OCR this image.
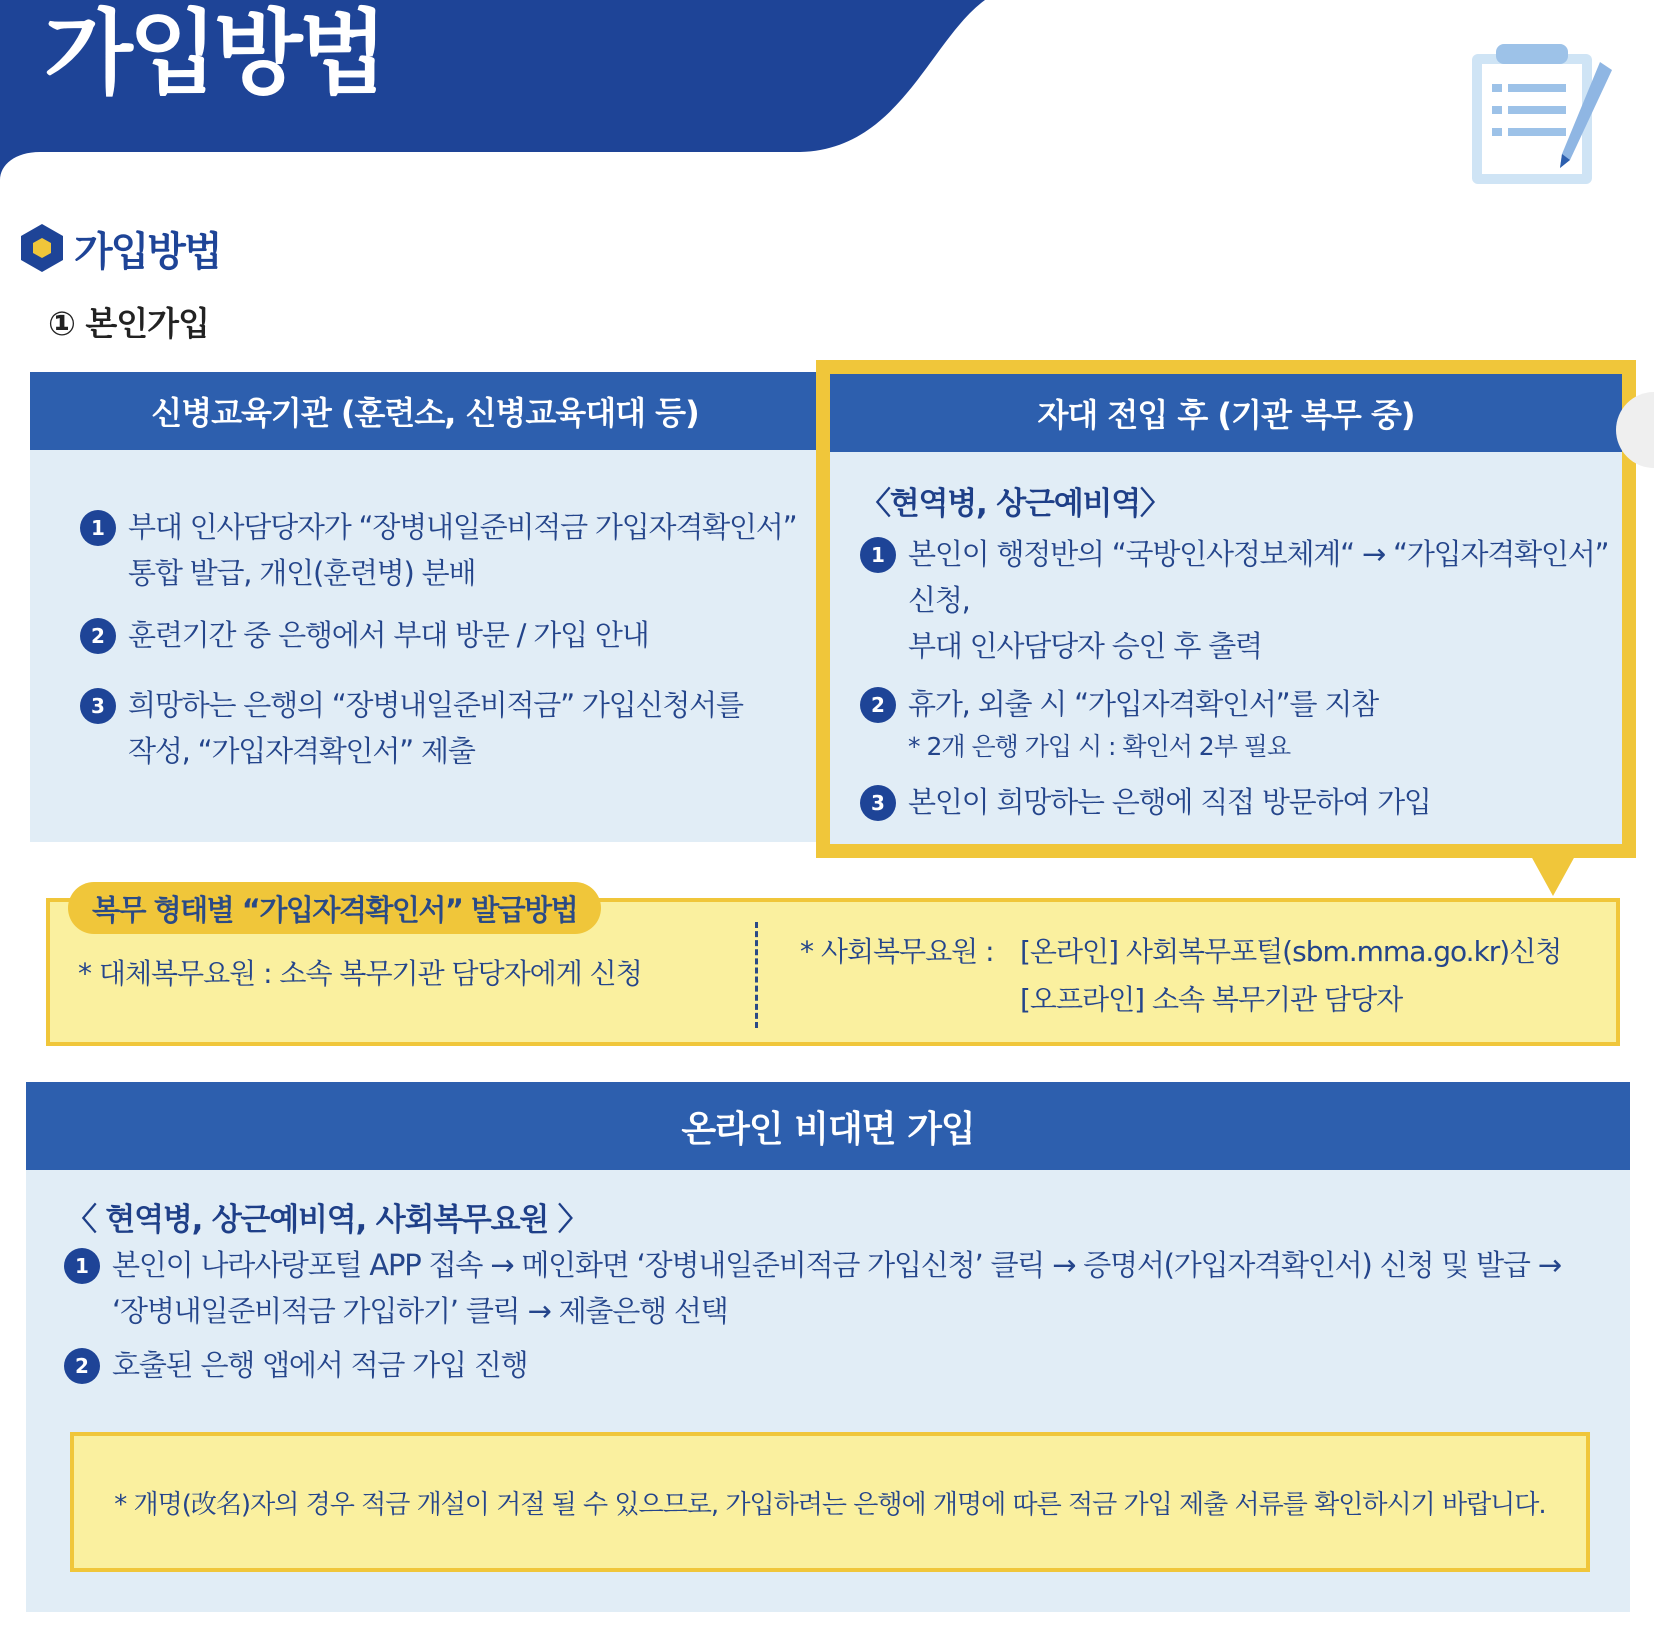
가입방법
가입방법
① 본인가입
신병교육기관 (훈련소, 신병교육대대 등)
1 부대 인사담당자가 “장병내일준비적금 가입자격확인서”
통합 발급, 개인(훈련병) 분배
2 훈련기간 중 은행에서 부대 방문 / 가입 안내
3 희망하는 은행의 “장병내일준비적금” 가입신청서를
작성, “가입자격확인서” 제출
자대 전입 후 (기관 복무 중)
〈현역병, 상근예비역〉
1 본인이 행정반의 “국방인사정보체계“ → “가입자격확인서” 신청,
부대 인사담당자 승인 후 출력
2 휴가, 외출 시 “가입자격확인서”를 지참
* 2개 은행 가입 시 : 확인서 2부 필요
3 본인이 희망하는 은행에 직접 방문하여 가입
복무 형태별 “가입자격확인서” 발급방법
* 대체복무요원 : 소속 복무기관 담당자에게 신청
* 사회복무요원 : [온라인] 사회복무포털(sbm.mma.go.kr)신청
[오프라인] 소속 복무기관 담당자
온라인 비대면 가입
〈 현역병, 상근예비역, 사회복무요원 〉
1 본인이 나라사랑포털 APP 접속 → 메인화면 ‘장병내일준비적금 가입신청’ 클릭 → 증명서(가입자격확인서) 신청 및 발급 →
‘장병내일준비적금 가입하기’ 클릭 → 제출은행 선택
2 호출된 은행 앱에서 적금 가입 진행
* 개명(改名)자의 경우 적금 개설이 거절 될 수 있으므로, 가입하려는 은행에 개명에 따른 적금 가입 제출 서류를 확인하시기 바랍니다.
